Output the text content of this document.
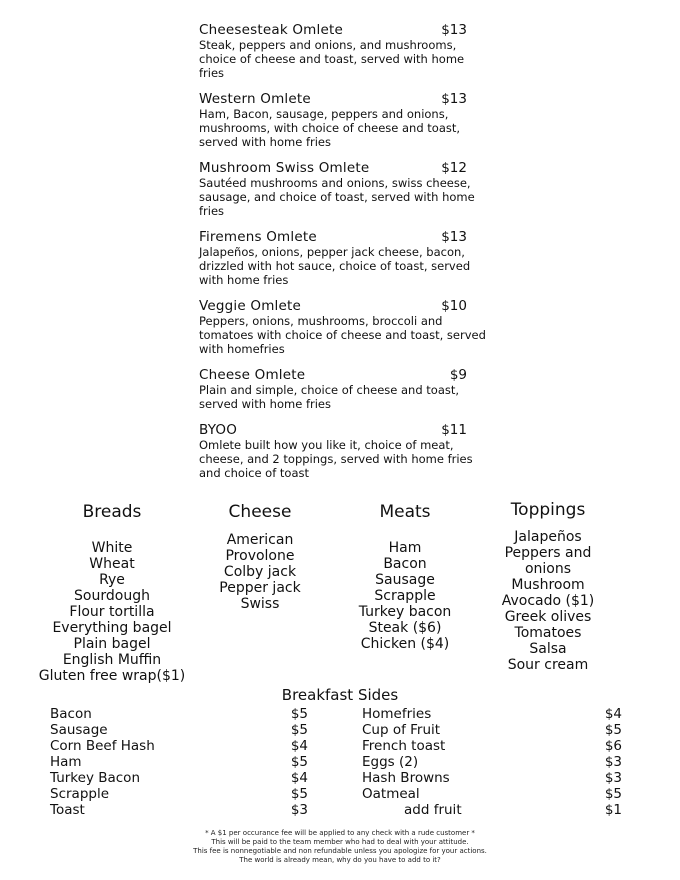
Cheesesteak Omlete	$13
Steak, peppers and onions, and mushrooms, choice of cheese and toast, served with home fries
Western Omlete	$13
Ham, Bacon, sausage, peppers and onions, mushrooms, with choice of cheese and toast, served with home fries
Mushroom Swiss Omlete	$12
Sautéed mushrooms and onions, swiss cheese, sausage, and choice of toast, served with home fries
Firemens Omlete	$13
Jalapeños, onions, pepper jack cheese, bacon, drizzled with hot sauce, choice of toast, served with home fries
Veggie Omlete	$10
Peppers, onions, mushrooms, broccoli and tomatoes with choice of cheese and toast, served with homefries
Cheese Omlete	$9
Plain and simple, choice of cheese and toast, served with home fries
BYOO	$11
Omlete built how you like it, choice of meat, cheese, and 2 toppings, served with home fries and choice of toast
Breads
White
Wheat
Rye
Sourdough
Flour tortilla
Everything bagel
Plain bagel
English Muffin
Gluten free wrap($1)
Cheese
American
Provolone
Colby jack
Pepper jack
Swiss
Meats
Ham
Bacon
Sausage
Scrapple
Turkey bacon
Steak ($6)
Chicken ($4)
Toppings
Jalapeños
Peppers and
onions
Mushroom
Avocado ($1)
Greek olives
Tomatoes
Salsa
Sour cream
Breakfast Sides
Bacon	$5
Sausage	$5
Corn Beef Hash	$4
Ham	$5
Turkey Bacon	$4
Scrapple	$5
Toast	$3
Homefries	$4
Cup of Fruit	$5
French toast	$6
Eggs (2)	$3
Hash Browns	$3
Oatmeal	$5
add fruit	$1
* A $1 per occurance fee will be applied to any check with a rude customer *
This will be paid to the team member who had to deal with your attitude.
This fee is nonnegotiable and non refundable unless you apologize for your actions.
The world is already mean, why do you have to add to it?
